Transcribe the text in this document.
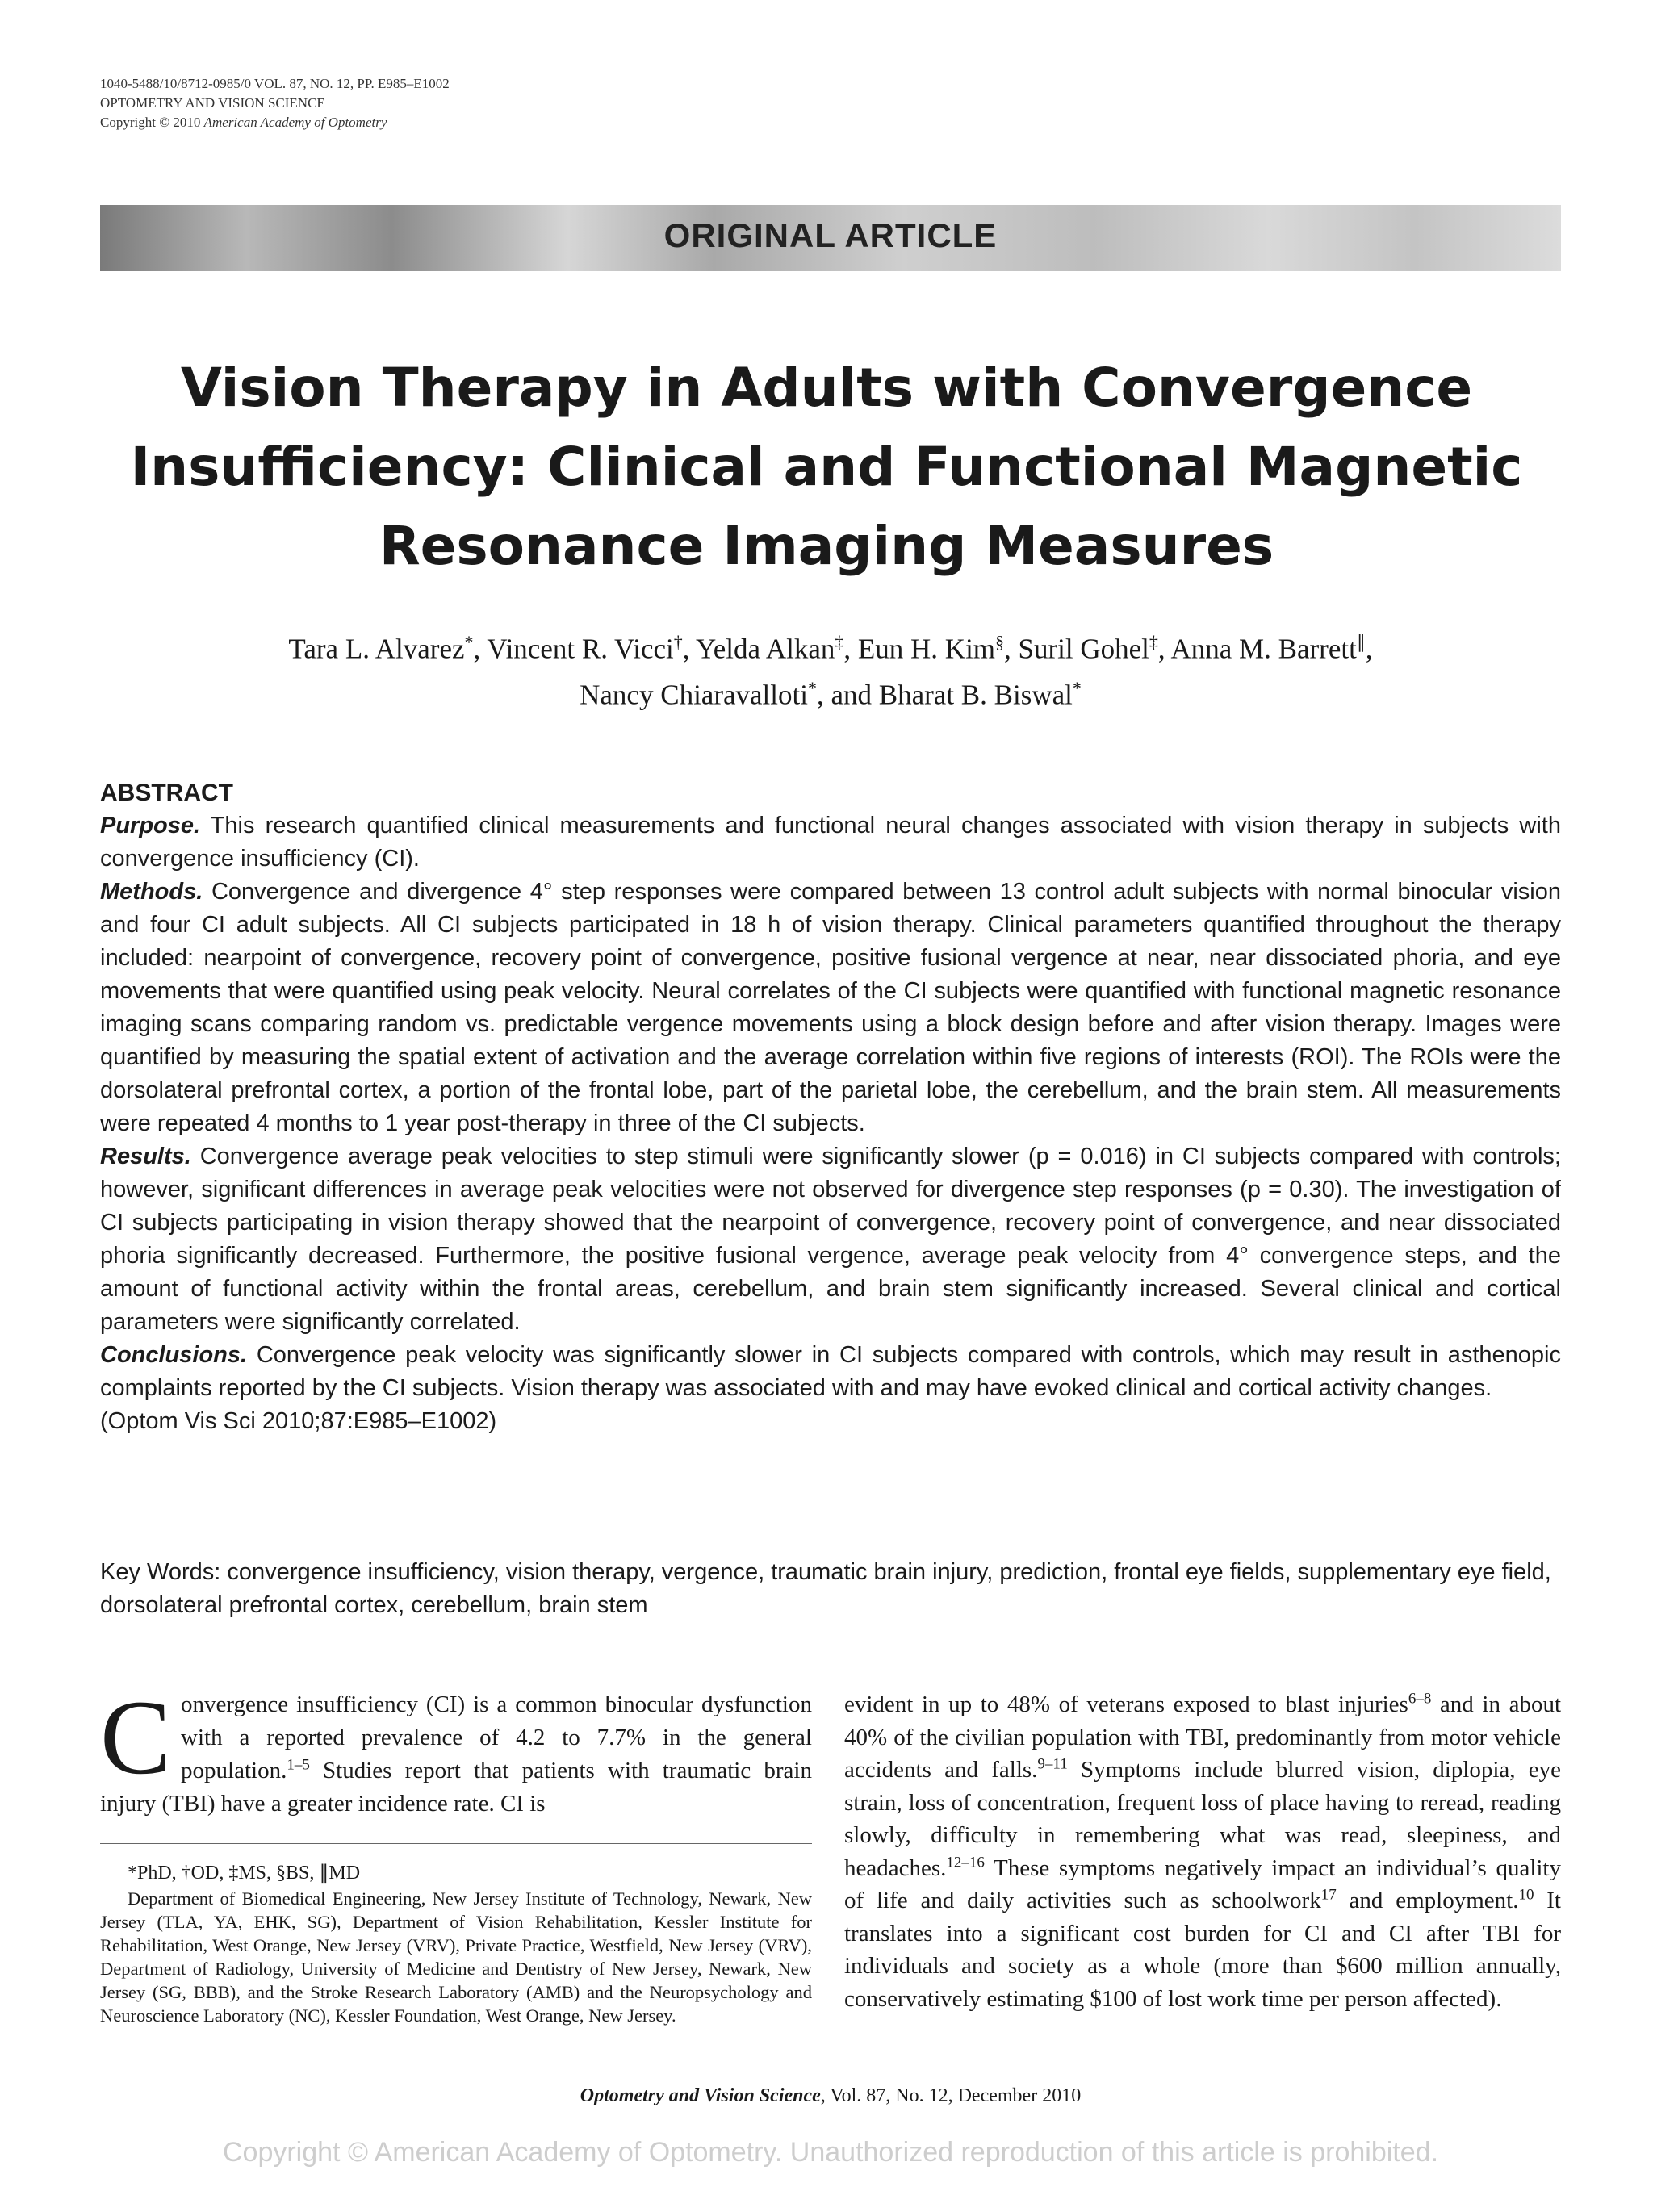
1040-5488/10/8712-0985/0 VOL. 87, NO. 12, PP. E985–E1002
OPTOMETRY AND VISION SCIENCE
Copyright © 2010 American Academy of Optometry
ORIGINAL ARTICLE
Vision Therapy in Adults with Convergence
Insufficiency: Clinical and Functional Magnetic
Resonance Imaging Measures
Tara L. Alvarez*, Vincent R. Vicci†, Yelda Alkan‡, Eun H. Kim§, Suril Gohel‡, Anna M. Barrett∥,
Nancy Chiaravalloti*, and Bharat B. Biswal*
ABSTRACT

Purpose. This research quantified clinical measurements and functional neural changes associated with vision therapy in subjects with convergence insufficiency (CI).

Methods. Convergence and divergence 4° step responses were compared between 13 control adult subjects with normal binocular vision and four CI adult subjects. All CI subjects participated in 18 h of vision therapy. Clinical parameters quantified throughout the therapy included: nearpoint of convergence, recovery point of convergence, positive fusional vergence at near, near dissociated phoria, and eye movements that were quantified using peak velocity. Neural correlates of the CI subjects were quantified with functional magnetic resonance imaging scans comparing random vs. predictable vergence movements using a block design before and after vision therapy. Images were quantified by measuring the spatial extent of activation and the average correlation within five regions of interests (ROI). The ROIs were the dorsolateral prefrontal cortex, a portion of the frontal lobe, part of the parietal lobe, the cerebellum, and the brain stem. All measurements were repeated 4 months to 1 year post-therapy in three of the CI subjects.

Results. Convergence average peak velocities to step stimuli were significantly slower (p = 0.016) in CI subjects compared with controls; however, significant differences in average peak velocities were not observed for divergence step responses (p = 0.30). The investigation of CI subjects participating in vision therapy showed that the nearpoint of convergence, recovery point of convergence, and near dissociated phoria significantly decreased. Furthermore, the positive fusional vergence, average peak velocity from 4° convergence steps, and the amount of functional activity within the frontal areas, cerebellum, and brain stem significantly increased. Several clinical and cortical parameters were significantly correlated.

Conclusions. Convergence peak velocity was significantly slower in CI subjects compared with controls, which may result in asthenopic complaints reported by the CI subjects. Vision therapy was associated with and may have evoked clinical and cortical activity changes.

(Optom Vis Sci 2010;87:E985–E1002)
Key Words: convergence insufficiency, vision therapy, vergence, traumatic brain injury, prediction, frontal eye fields, supplementary eye field, dorsolateral prefrontal cortex, cerebellum, brain stem
Convergence insufficiency (CI) is a common binocular dysfunction with a reported prevalence of 4.2 to 7.7% in the general population.$^{1-5}$ Studies report that patients with traumatic brain injury (TBI) have a greater incidence rate. CI is
*PhD, †OD, ‡MS, §BS, ∥MD
Department of Biomedical Engineering, New Jersey Institute of Technology, Newark, New Jersey (TLA, YA, EHK, SG), Department of Vision Rehabilitation, Kessler Institute for Rehabilitation, West Orange, New Jersey (VRV), Private Practice, Westfield, New Jersey (VRV), Department of Radiology, University of Medicine and Dentistry of New Jersey, Newark, New Jersey (SG, BBB), and the Stroke Research Laboratory (AMB) and the Neuropsychology and Neuroscience Laboratory (NC), Kessler Foundation, West Orange, New Jersey.
evident in up to 48% of veterans exposed to blast injuries$^{6-8}$ and in about 40% of the civilian population with TBI, predominantly from motor vehicle accidents and falls.$^{9-11}$ Symptoms include blurred vision, diplopia, eye strain, loss of concentration, frequent loss of place having to reread, reading slowly, difficulty in remembering what was read, sleepiness, and headaches.$^{12-16}$ These symptoms negatively impact an individual’s quality of life and daily activities such as schoolwork$^{17}$ and employment.$^{10}$ It translates into a significant cost burden for CI and CI after TBI for individuals and society as a whole (more than $600 million annually, conservatively estimating $100 of lost work time per person affected).
Optometry and Vision Science, Vol. 87, No. 12, December 2010
Copyright © American Academy of Optometry. Unauthorized reproduction of this article is prohibited.
